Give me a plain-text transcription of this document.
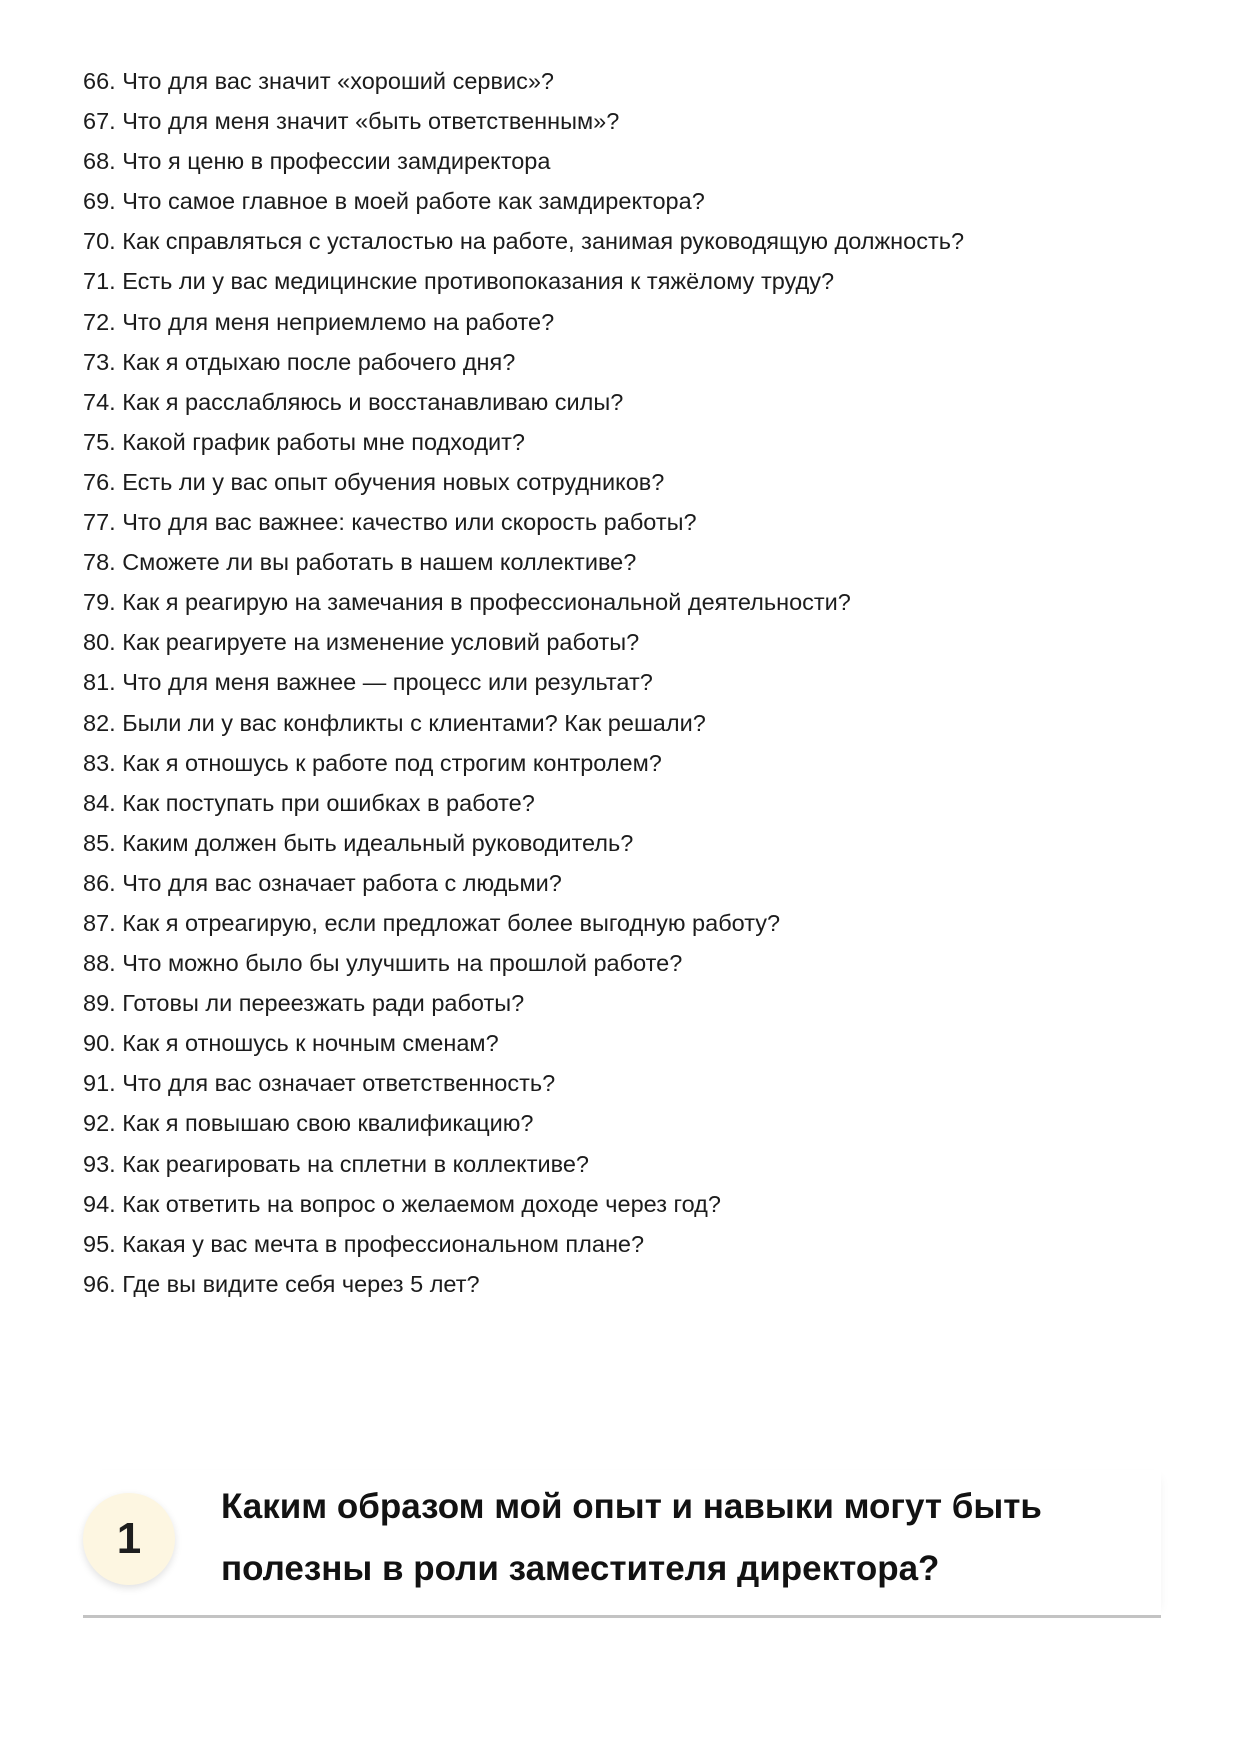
66. Что для вас значит «хороший сервис»?
67. Что для меня значит «быть ответственным»?
68. Что я ценю в профессии замдиректора
69. Что самое главное в моей работе как замдиректора?
70. Как справляться с усталостью на работе, занимая руководящую должность?
71. Есть ли у вас медицинские противопоказания к тяжёлому труду?
72. Что для меня неприемлемо на работе?
73. Как я отдыхаю после рабочего дня?
74. Как я расслабляюсь и восстанавливаю силы?
75. Какой график работы мне подходит?
76. Есть ли у вас опыт обучения новых сотрудников?
77. Что для вас важнее: качество или скорость работы?
78. Сможете ли вы работать в нашем коллективе?
79. Как я реагирую на замечания в профессиональной деятельности?
80. Как реагируете на изменение условий работы?
81. Что для меня важнее — процесс или результат?
82. Были ли у вас конфликты с клиентами? Как решали?
83. Как я отношусь к работе под строгим контролем?
84. Как поступать при ошибках в работе?
85. Каким должен быть идеальный руководитель?
86. Что для вас означает работа с людьми?
87. Как я отреагирую, если предложат более выгодную работу?
88. Что можно было бы улучшить на прошлой работе?
89. Готовы ли переезжать ради работы?
90. Как я отношусь к ночным сменам?
91. Что для вас означает ответственность?
92. Как я повышаю свою квалификацию?
93. Как реагировать на сплетни в коллективе?
94. Как ответить на вопрос о желаемом доходе через год?
95. Какая у вас мечта в профессиональном плане?
96. Где вы видите себя через 5 лет?
1
Каким образом мой опыт и навыки могут быть полезны в роли заместителя директора?
